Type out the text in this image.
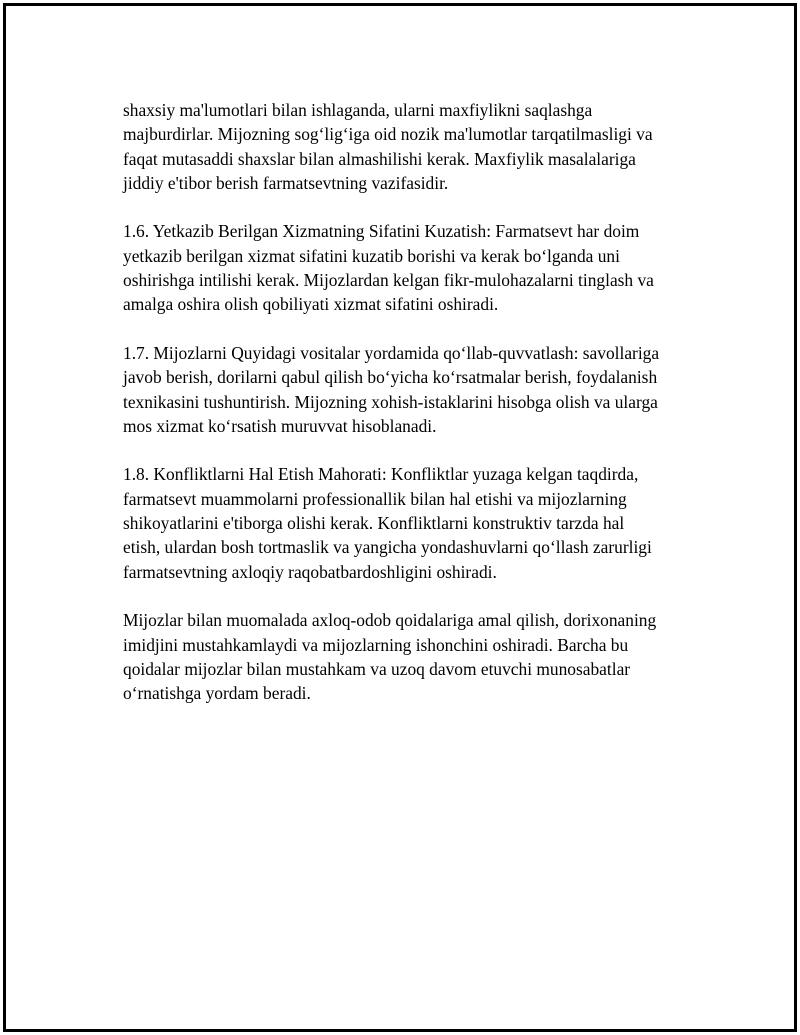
shaxsiy ma'lumotlari bilan ishlaganda, ularni maxfiylikni saqlashga
majburdirlar. Mijozning sog‘lig‘iga oid nozik ma'lumotlar tarqatilmasligi va
faqat mutasaddi shaxslar bilan almashilishi kerak. Maxfiylik masalalariga
jiddiy e'tibor berish farmatsevtning vazifasidir.

1.6. Yetkazib Berilgan Xizmatning Sifatini Kuzatish: Farmatsevt har doim
yetkazib berilgan xizmat sifatini kuzatib borishi va kerak bo‘lganda uni
oshirishga intilishi kerak. Mijozlardan kelgan fikr-mulohazalarni tinglash va
amalga oshira olish qobiliyati xizmat sifatini oshiradi.

1.7. Mijozlarni Quyidagi vositalar yordamida qo‘llab-quvvatlash: savollariga
javob berish, dorilarni qabul qilish bo‘yicha ko‘rsatmalar berish, foydalanish
texnikasini tushuntirish. Mijozning xohish-istaklarini hisobga olish va ularga
mos xizmat ko‘rsatish muruvvat hisoblanadi.

1.8. Konfliktlarni Hal Etish Mahorati: Konfliktlar yuzaga kelgan taqdirda,
farmatsevt muammolarni professionallik bilan hal etishi va mijozlarning
shikoyatlarini e'tiborga olishi kerak. Konfliktlarni konstruktiv tarzda hal
etish, ulardan bosh tortmaslik va yangicha yondashuvlarni qo‘llash zarurligi
farmatsevtning axloqiy raqobatbardoshligini oshiradi.

Mijozlar bilan muomalada axloq-odob qoidalariga amal qilish, dorixonaning
imidjini mustahkamlaydi va mijozlarning ishonchini oshiradi. Barcha bu
qoidalar mijozlar bilan mustahkam va uzoq davom etuvchi munosabatlar
o‘rnatishga yordam beradi.
